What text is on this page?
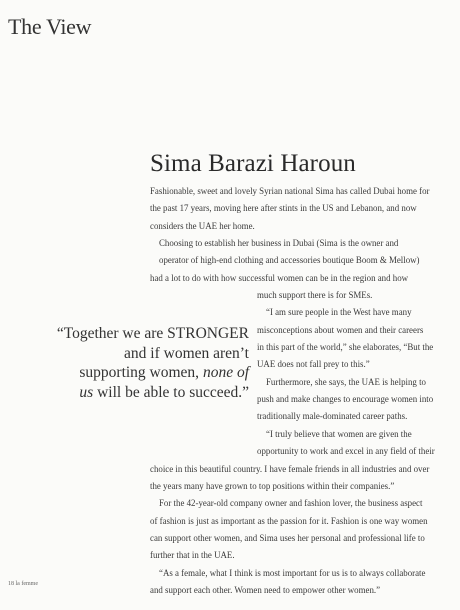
The View
Sima Barazi Haroun

“Together we are STRONGER

and if women aren’t

supporting women, none of

us will be able to succeed.”

Fashionable, sweet and lovely Syrian national Sima has called Dubai home for
the past 17 years, moving here after stints in the US and Lebanon, and now
considers the UAE her home.
Choosing to establish her business in Dubai (Sima is the owner and
operator of high-end clothing and accessories boutique Boom & Mellow)
had a lot to do with how successful women can be in the region and how
much support there is for SMEs.
“I am sure people in the West have many
misconceptions about women and their careers
in this part of the world,” she elaborates, “But the
UAE does not fall prey to this.”
Furthermore, she says, the UAE is helping to
push and make changes to encourage women into
traditionally male-dominated career paths.
“I truly believe that women are given the
opportunity to work and excel in any field of their
choice in this beautiful country. I have female friends in all industries and over
the years many have grown to top positions within their companies.”
For the 42-year-old company owner and fashion lover, the business aspect
of fashion is just as important as the passion for it. Fashion is one way women
can support other women, and Sima uses her personal and professional life to
further that in the UAE.
“As a female, what I think is most important for us is to always collaborate
and support each other. Women need to empower other women.”
18 la femme
